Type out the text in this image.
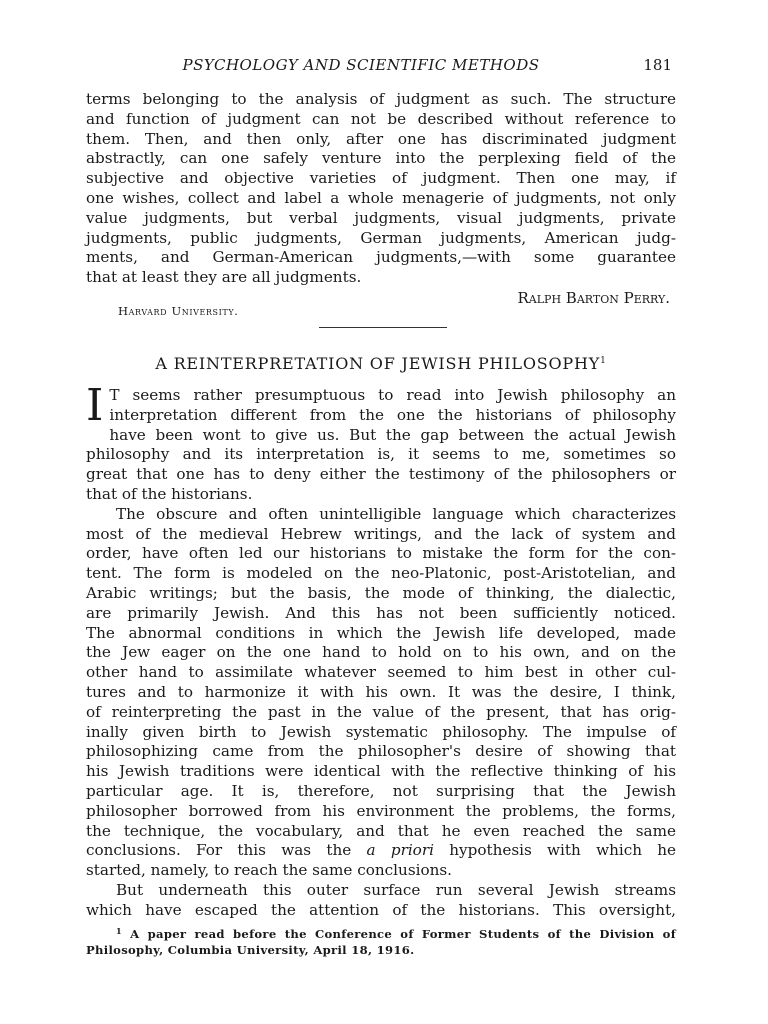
PSYCHOLOGY AND SCIENTIFIC METHODS	181

terms belonging to the analysis of judgment as such. The structure
and function of judgment can not be described without reference to
them. Then, and then only, after one has discriminated judgment
abstractly, can one safely venture into the perplexing field of the
subjective and objective varieties of judgment. Then one may, if
one wishes, collect and label a whole menagerie of judgments, not only
value judgments, but verbal judgments, visual judgments, private
judgments, public judgments, German judgments, American judg-
ments, and German-American judgments,—with some guarantee
that at least they are all judgments.

Ralph Barton Perry.
Harvard University.
A REINTERPRETATION OF JEWISH PHILOSOPHY$^1$

I T seems rather presumptuous to read into Jewish philosophy an
interpretation different from the one the historians of philosophy
have been wont to give us. But the gap between the actual Jewish
philosophy and its interpretation is, it seems to me, sometimes so
great that one has to deny either the testimony of the philosophers or
that of the historians.

The obscure and often unintelligible language which characterizes
most of the medieval Hebrew writings, and the lack of system and
order, have often led our historians to mistake the form for the con-
tent. The form is modeled on the neo-Platonic, post-Aristotelian, and
Arabic writings; but the basis, the mode of thinking, the dialectic,
are primarily Jewish. And this has not been sufficiently noticed.
The abnormal conditions in which the Jewish life developed, made
the Jew eager on the one hand to hold on to his own, and on the
other hand to assimilate whatever seemed to him best in other cul-
tures and to harmonize it with his own. It was the desire, I think,
of reinterpreting the past in the value of the present, that has orig-
inally given birth to Jewish systematic philosophy. The impulse of
philosophizing came from the philosopher's desire of showing that
his Jewish traditions were identical with the reflective thinking of his
particular age. It is, therefore, not surprising that the Jewish
philosopher borrowed from his environment the problems, the forms,
the technique, the vocabulary, and that he even reached the same
conclusions. For this was the a priori hypothesis with which he
started, namely, to reach the same conclusions.

But underneath this outer surface run several Jewish streams
which have escaped the attention of the historians. This oversight,

$^1$ A paper read before the Conference of Former Students of the Division of
Philosophy, Columbia University, April 18, 1916.
